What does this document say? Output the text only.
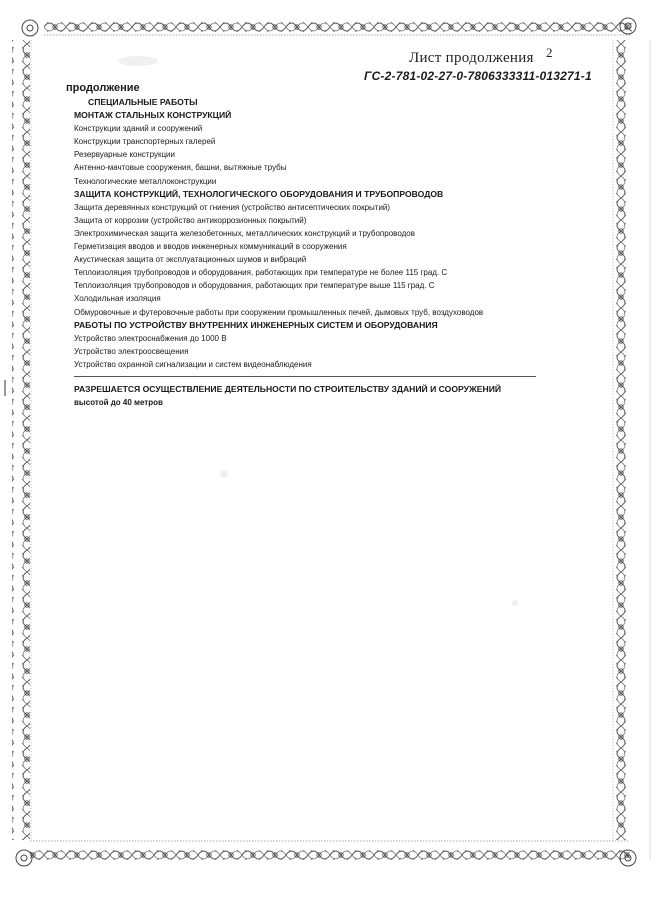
Лист продолжения 2
ГС-2-781-02-27-0-7806333311-013271-1
продолжение
СПЕЦИАЛЬНЫЕ РАБОТЫ
МОНТАЖ СТАЛЬНЫХ КОНСТРУКЦИЙ
Конструкции зданий и сооружений
Конструкции транспортерных галерей
Резервуарные конструкции
Антенно-мачтовые сооружения, башни, вытяжные трубы
Технологические металлоконструкции
ЗАЩИТА КОНСТРУКЦИЙ, ТЕХНОЛОГИЧЕСКОГО ОБОРУДОВАНИЯ И ТРУБОПРОВОДОВ
Защита деревянных конструкций от гниения (устройство антисептических покрытий)
Защита от коррозии (устройство антикоррозионных покрытий)
Электрохимическая защита железобетонных, металлических конструкций и трубопроводов
Герметизация вводов и вводов инженерных коммуникаций в сооружения
Акустическая защита от эксплуатационных шумов и вибраций
Теплоизоляция трубопроводов и оборудования, работающих при температуре не более 115 град. С
Теплоизоляция трубопроводов и оборудования, работающих при температуре выше 115 град. С
Холодильная изоляция
Обмуровочные и футеровочные работы при сооружении промышленных печей, дымовых труб, воздуховодов
РАБОТЫ ПО УСТРОЙСТВУ ВНУТРЕННИХ ИНЖЕНЕРНЫХ СИСТЕМ И ОБОРУДОВАНИЯ
Устройство электроснабжения до 1000 В
Устройство электроосвещения
Устройство охранной сигнализации и систем видеонаблюдения
РАЗРЕШАЕТСЯ ОСУЩЕСТВЛЕНИЕ ДЕЯТЕЛЬНОСТИ ПО СТРОИТЕЛЬСТВУ ЗДАНИЙ И СООРУЖЕНИЙ
высотой до 40 метров
